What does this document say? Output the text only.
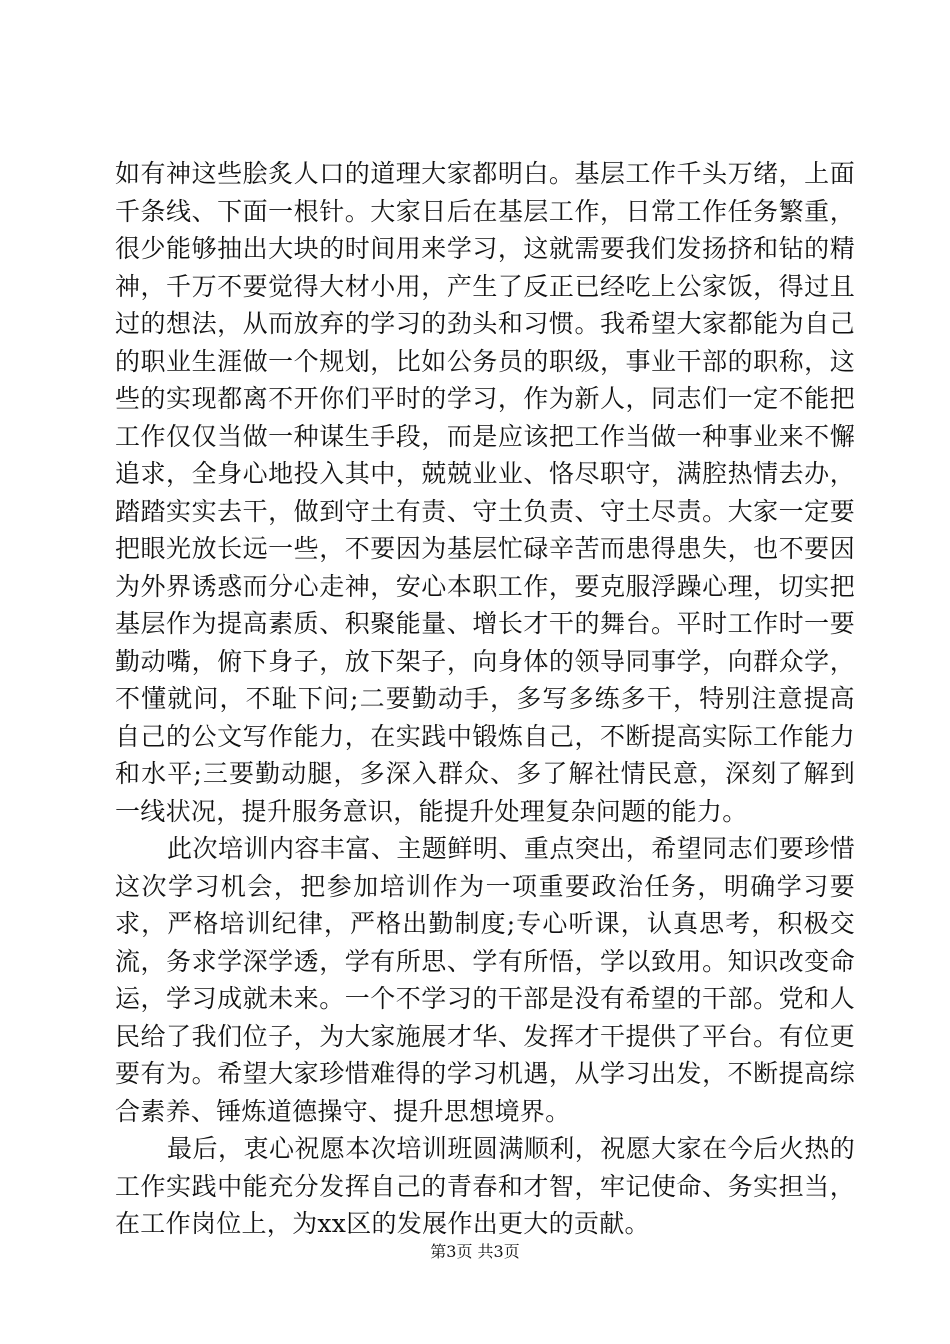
如有神这些脍炙人口的道理大家都明白。基层工作千头万绪，上面千条线、下面一根针。大家日后在基层工作，日常工作任务繁重，很少能够抽出大块的时间用来学习，这就需要我们发扬挤和钻的精神，千万不要觉得大材小用，产生了反正已经吃上公家饭，得过且过的想法，从而放弃的学习的劲头和习惯。我希望大家都能为自己的职业生涯做一个规划，比如公务员的职级，事业干部的职称，这些的实现都离不开你们平时的学习，作为新人，同志们一定不能把工作仅仅当做一种谋生手段，而是应该把工作当做一种事业来不懈追求，全身心地投入其中，兢兢业业、恪尽职守，满腔热情去办，踏踏实实去干，做到守土有责、守土负责、守土尽责。大家一定要把眼光放长远一些，不要因为基层忙碌辛苦而患得患失，也不要因为外界诱惑而分心走神，安心本职工作，要克服浮躁心理，切实把基层作为提高素质、积聚能量、增长才干的舞台。平时工作时一要勤动嘴，俯下身子，放下架子，向身体的领导同事学，向群众学，不懂就问，不耻下问;二要勤动手，多写多练多干，特别注意提高自己的公文写作能力，在实践中锻炼自己，不断提高实际工作能力和水平;三要勤动腿，多深入群众、多了解社情民意，深刻了解到一线状况，提升服务意识，能提升处理复杂问题的能力。

此次培训内容丰富、主题鲜明、重点突出，希望同志们要珍惜这次学习机会，把参加培训作为一项重要政治任务，明确学习要求，严格培训纪律，严格出勤制度;专心听课，认真思考，积极交流，务求学深学透，学有所思、学有所悟，学以致用。知识改变命运，学习成就未来。一个不学习的干部是没有希望的干部。党和人民给了我们位子，为大家施展才华、发挥才干提供了平台。有位更要有为。希望大家珍惜难得的学习机遇，从学习出发，不断提高综合素养、锤炼道德操守、提升思想境界。

最后，衷心祝愿本次培训班圆满顺利，祝愿大家在今后火热的工作实践中能充分发挥自己的青春和才智，牢记使命、务实担当，在工作岗位上，为xx区的发展作出更大的贡献。

第3页 共3页
